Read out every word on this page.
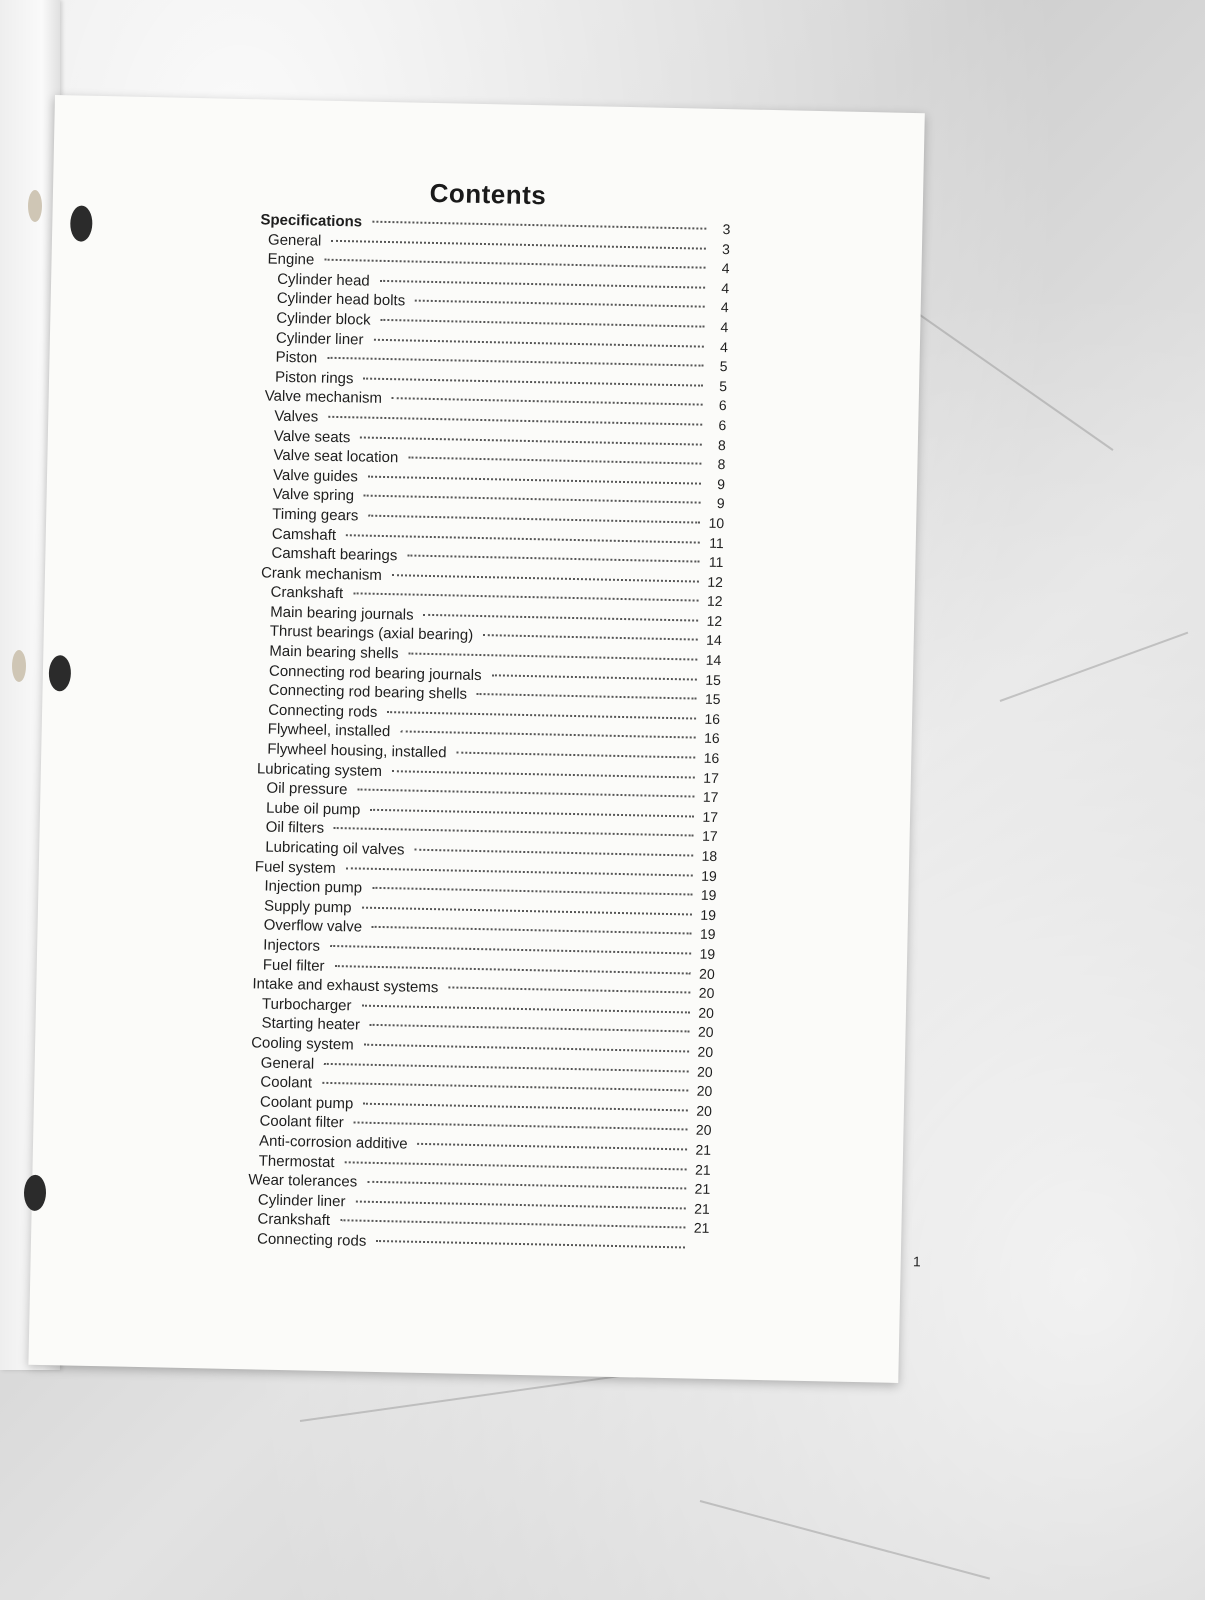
Contents
Specifications	3
General	3
Engine	4
Cylinder head	4
Cylinder head bolts	4
Cylinder block	4
Cylinder liner	4
Piston	5
Piston rings	5
Valve mechanism	6
Valves	6
Valve seats	8
Valve seat location	8
Valve guides	9
Valve spring	9
Timing gears	10
Camshaft	11
Camshaft bearings	11
Crank mechanism	12
Crankshaft	12
Main bearing journals	12
Thrust bearings (axial bearing)	14
Main bearing shells	14
Connecting rod bearing journals	15
Connecting rod bearing shells	15
Connecting rods	16
Flywheel, installed	16
Flywheel housing, installed	16
Lubricating system	17
Oil pressure	17
Lube oil pump	17
Oil filters	17
Lubricating oil valves	18
Fuel system	19
Injection pump	19
Supply pump	19
Overflow valve	19
Injectors	19
Fuel filter	20
Intake and exhaust systems	20
Turbocharger	20
Starting heater	20
Cooling system	20
General	20
Coolant	20
Coolant pump	20
Coolant filter	20
Anti-corrosion additive	21
Thermostat	21
Wear tolerances	21
Cylinder liner	21
Crankshaft	21
Connecting rods
1
